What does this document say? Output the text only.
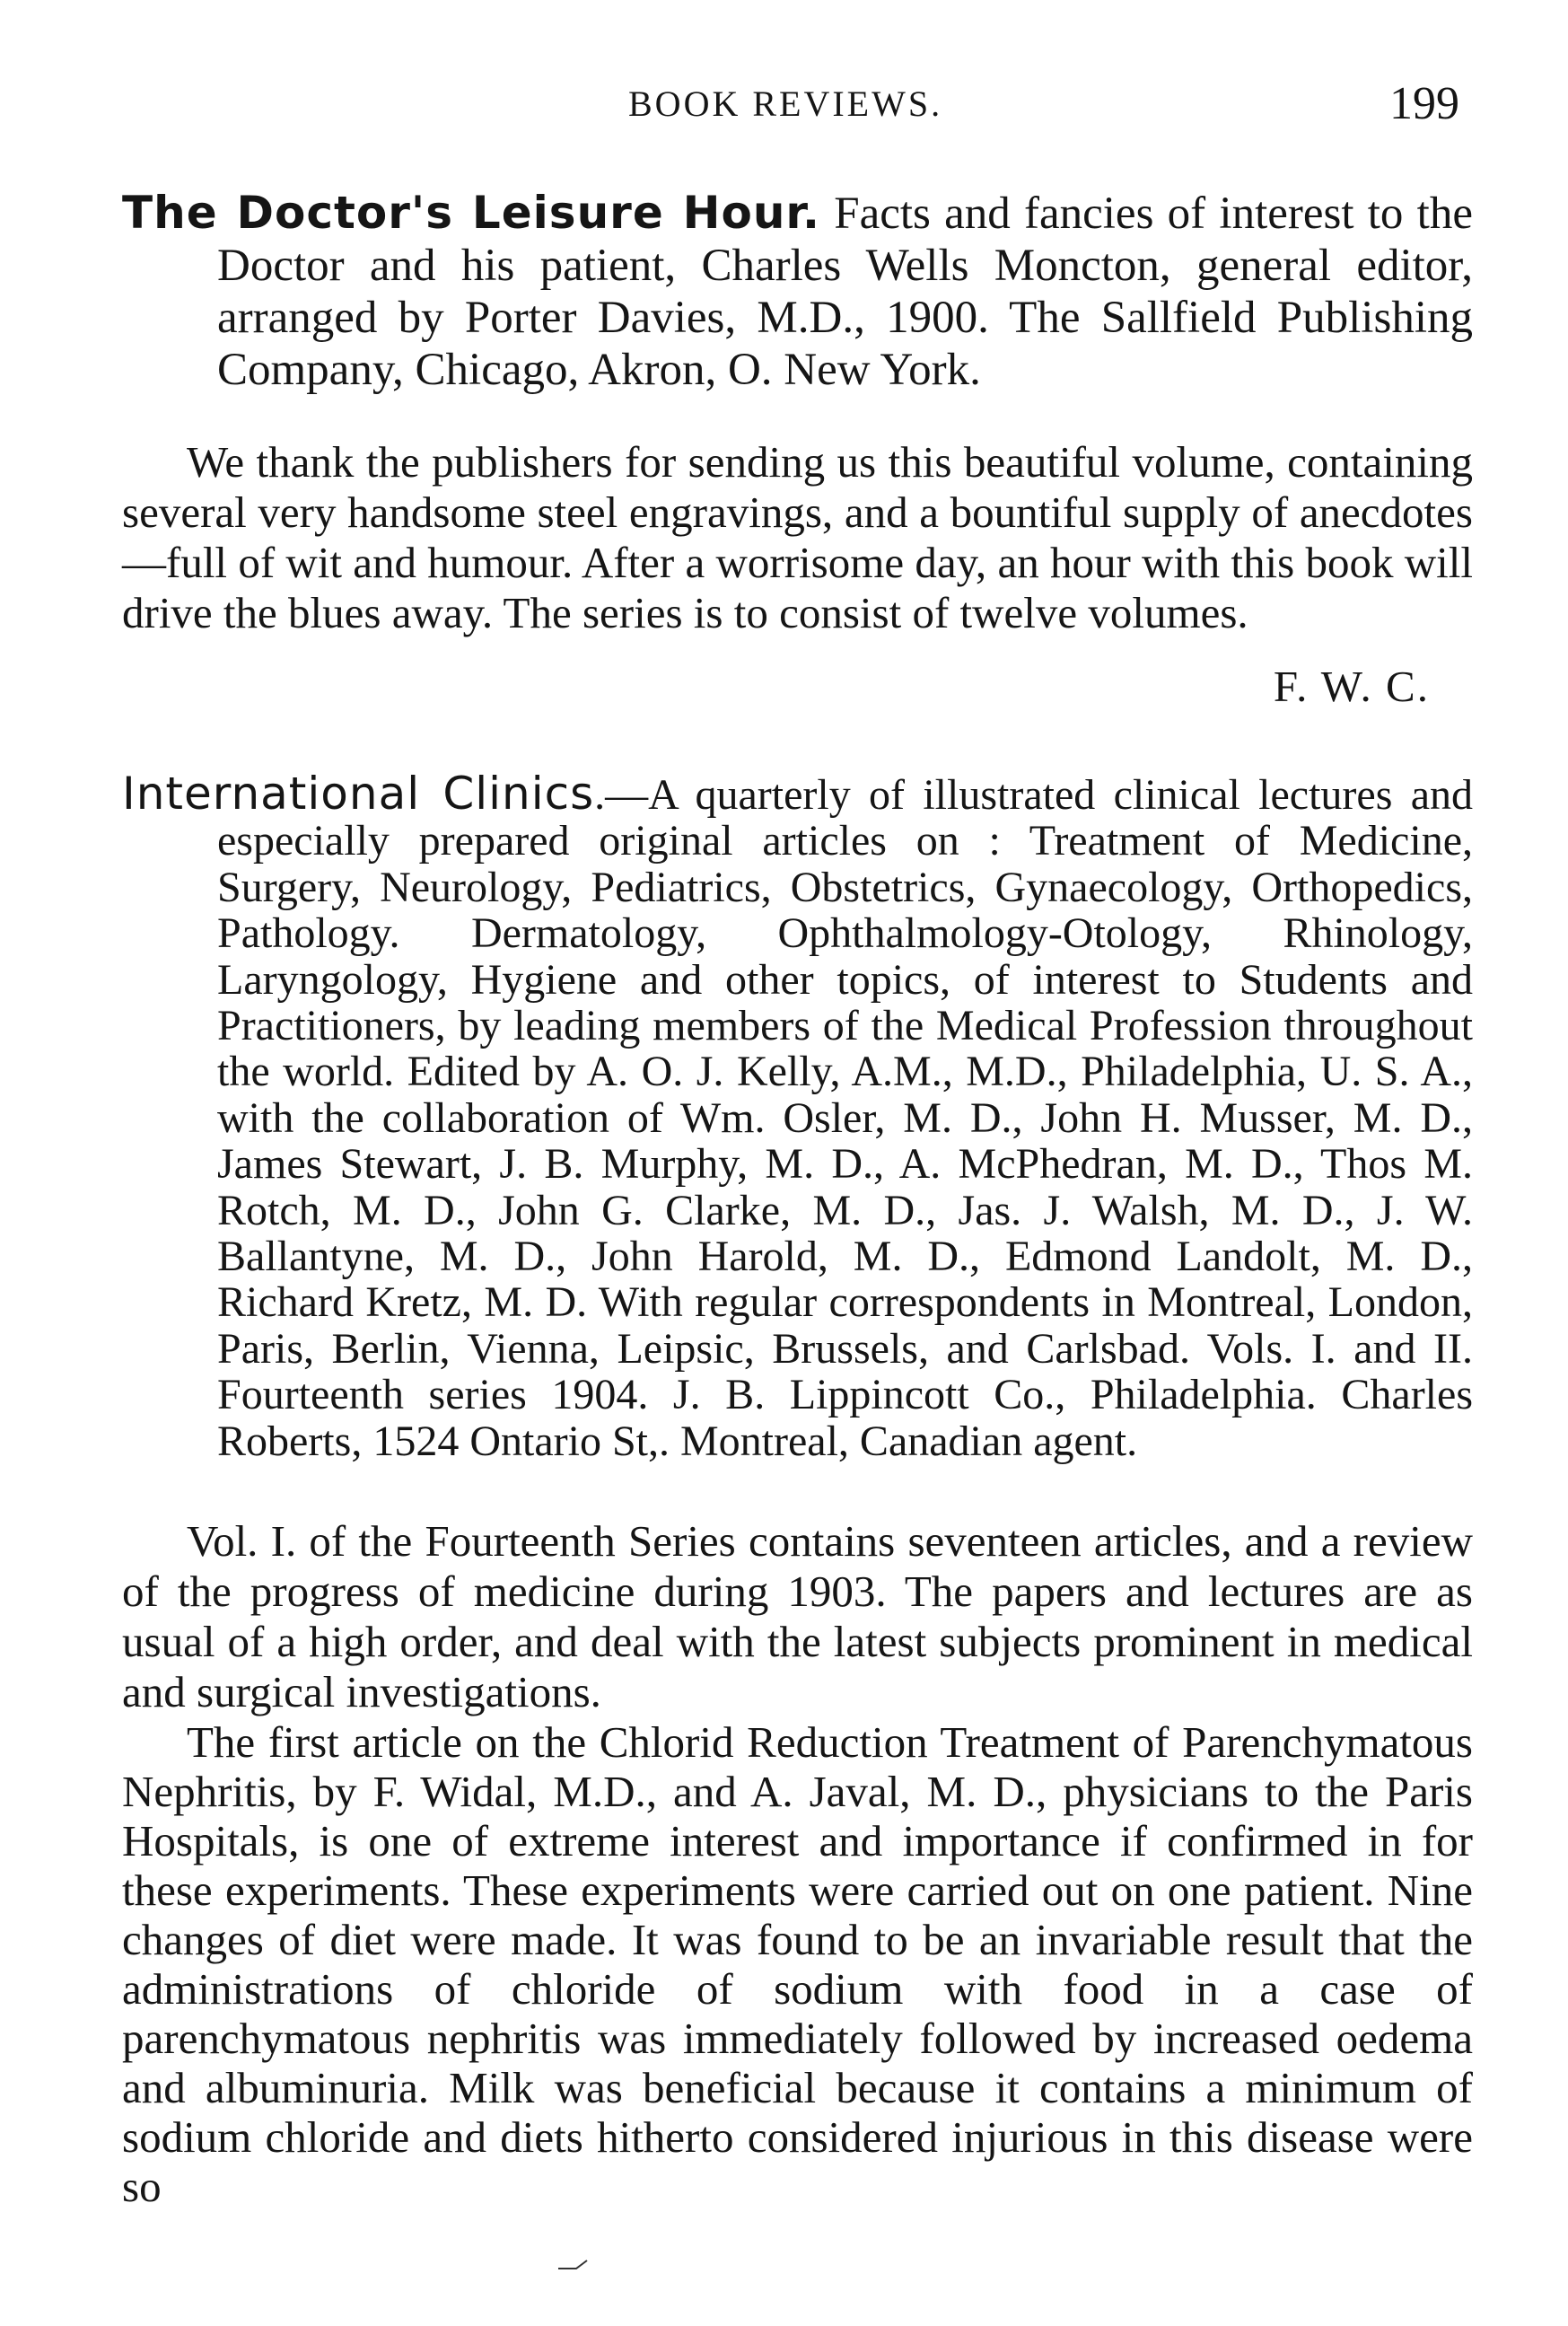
BOOK REVIEWS.	199

The Doctor's Leisure Hour. Facts and fancies of interest to the Doctor and his patient, Charles Wells Moncton, general editor, arranged by Porter Davies, M.D., 1900. The Sallfield Publishing Company, Chicago, Akron, O. New York.

We thank the publishers for sending us this beautiful volume, containing several very handsome steel engravings, and a bountiful supply of anecdotes—full of wit and humour. After a worrisome day, an hour with this book will drive the blues away. The series is to consist of twelve volumes.

F. W. C.

International Clinics.—A quarterly of illustrated clinical lectures and especially prepared original articles on : Treatment of Medicine, Surgery, Neurology, Pediatrics, Obstetrics, Gynaecology, Orthopedics, Pathology. Dermatology, Ophthalmology-Otology, Rhinology, Laryngology, Hygiene and other topics, of interest to Students and Practitioners, by leading members of the Medical Profession throughout the world. Edited by A. O. J. Kelly, A.M., M.D., Philadelphia, U. S. A., with the collaboration of Wm. Osler, M. D., John H. Musser, M. D., James Stewart, J. B. Murphy, M. D., A. McPhedran, M. D., Thos M. Rotch, M. D., John G. Clarke, M. D., Jas. J. Walsh, M. D., J. W. Ballantyne, M. D., John Harold, M. D., Edmond Landolt, M. D., Richard Kretz, M. D. With regular correspondents in Montreal, London, Paris, Berlin, Vienna, Leipsic, Brussels, and Carlsbad. Vols. I. and II. Fourteenth series 1904. J. B. Lippincott Co., Philadelphia. Charles Roberts, 1524 Ontario St,. Montreal, Canadian agent.

Vol. I. of the Fourteenth Series contains seventeen articles, and a review of the progress of medicine during 1903. The papers and lectures are as usual of a high order, and deal with the latest subjects prominent in medical and surgical investigations.

The first article on the Chlorid Reduction Treatment of Parenchymatous Nephritis, by F. Widal, M.D., and A. Javal, M. D., physicians to the Paris Hospitals, is one of extreme interest and importance if confirmed in for these experiments. These experiments were carried out on one patient. Nine changes of diet were made. It was found to be an invariable result that the administrations of chloride of sodium with food in a case of parenchymatous nephritis was immediately followed by increased oedema and albuminuria. Milk was beneficial because it contains a minimum of sodium chloride and diets hitherto considered injurious in this disease were so
